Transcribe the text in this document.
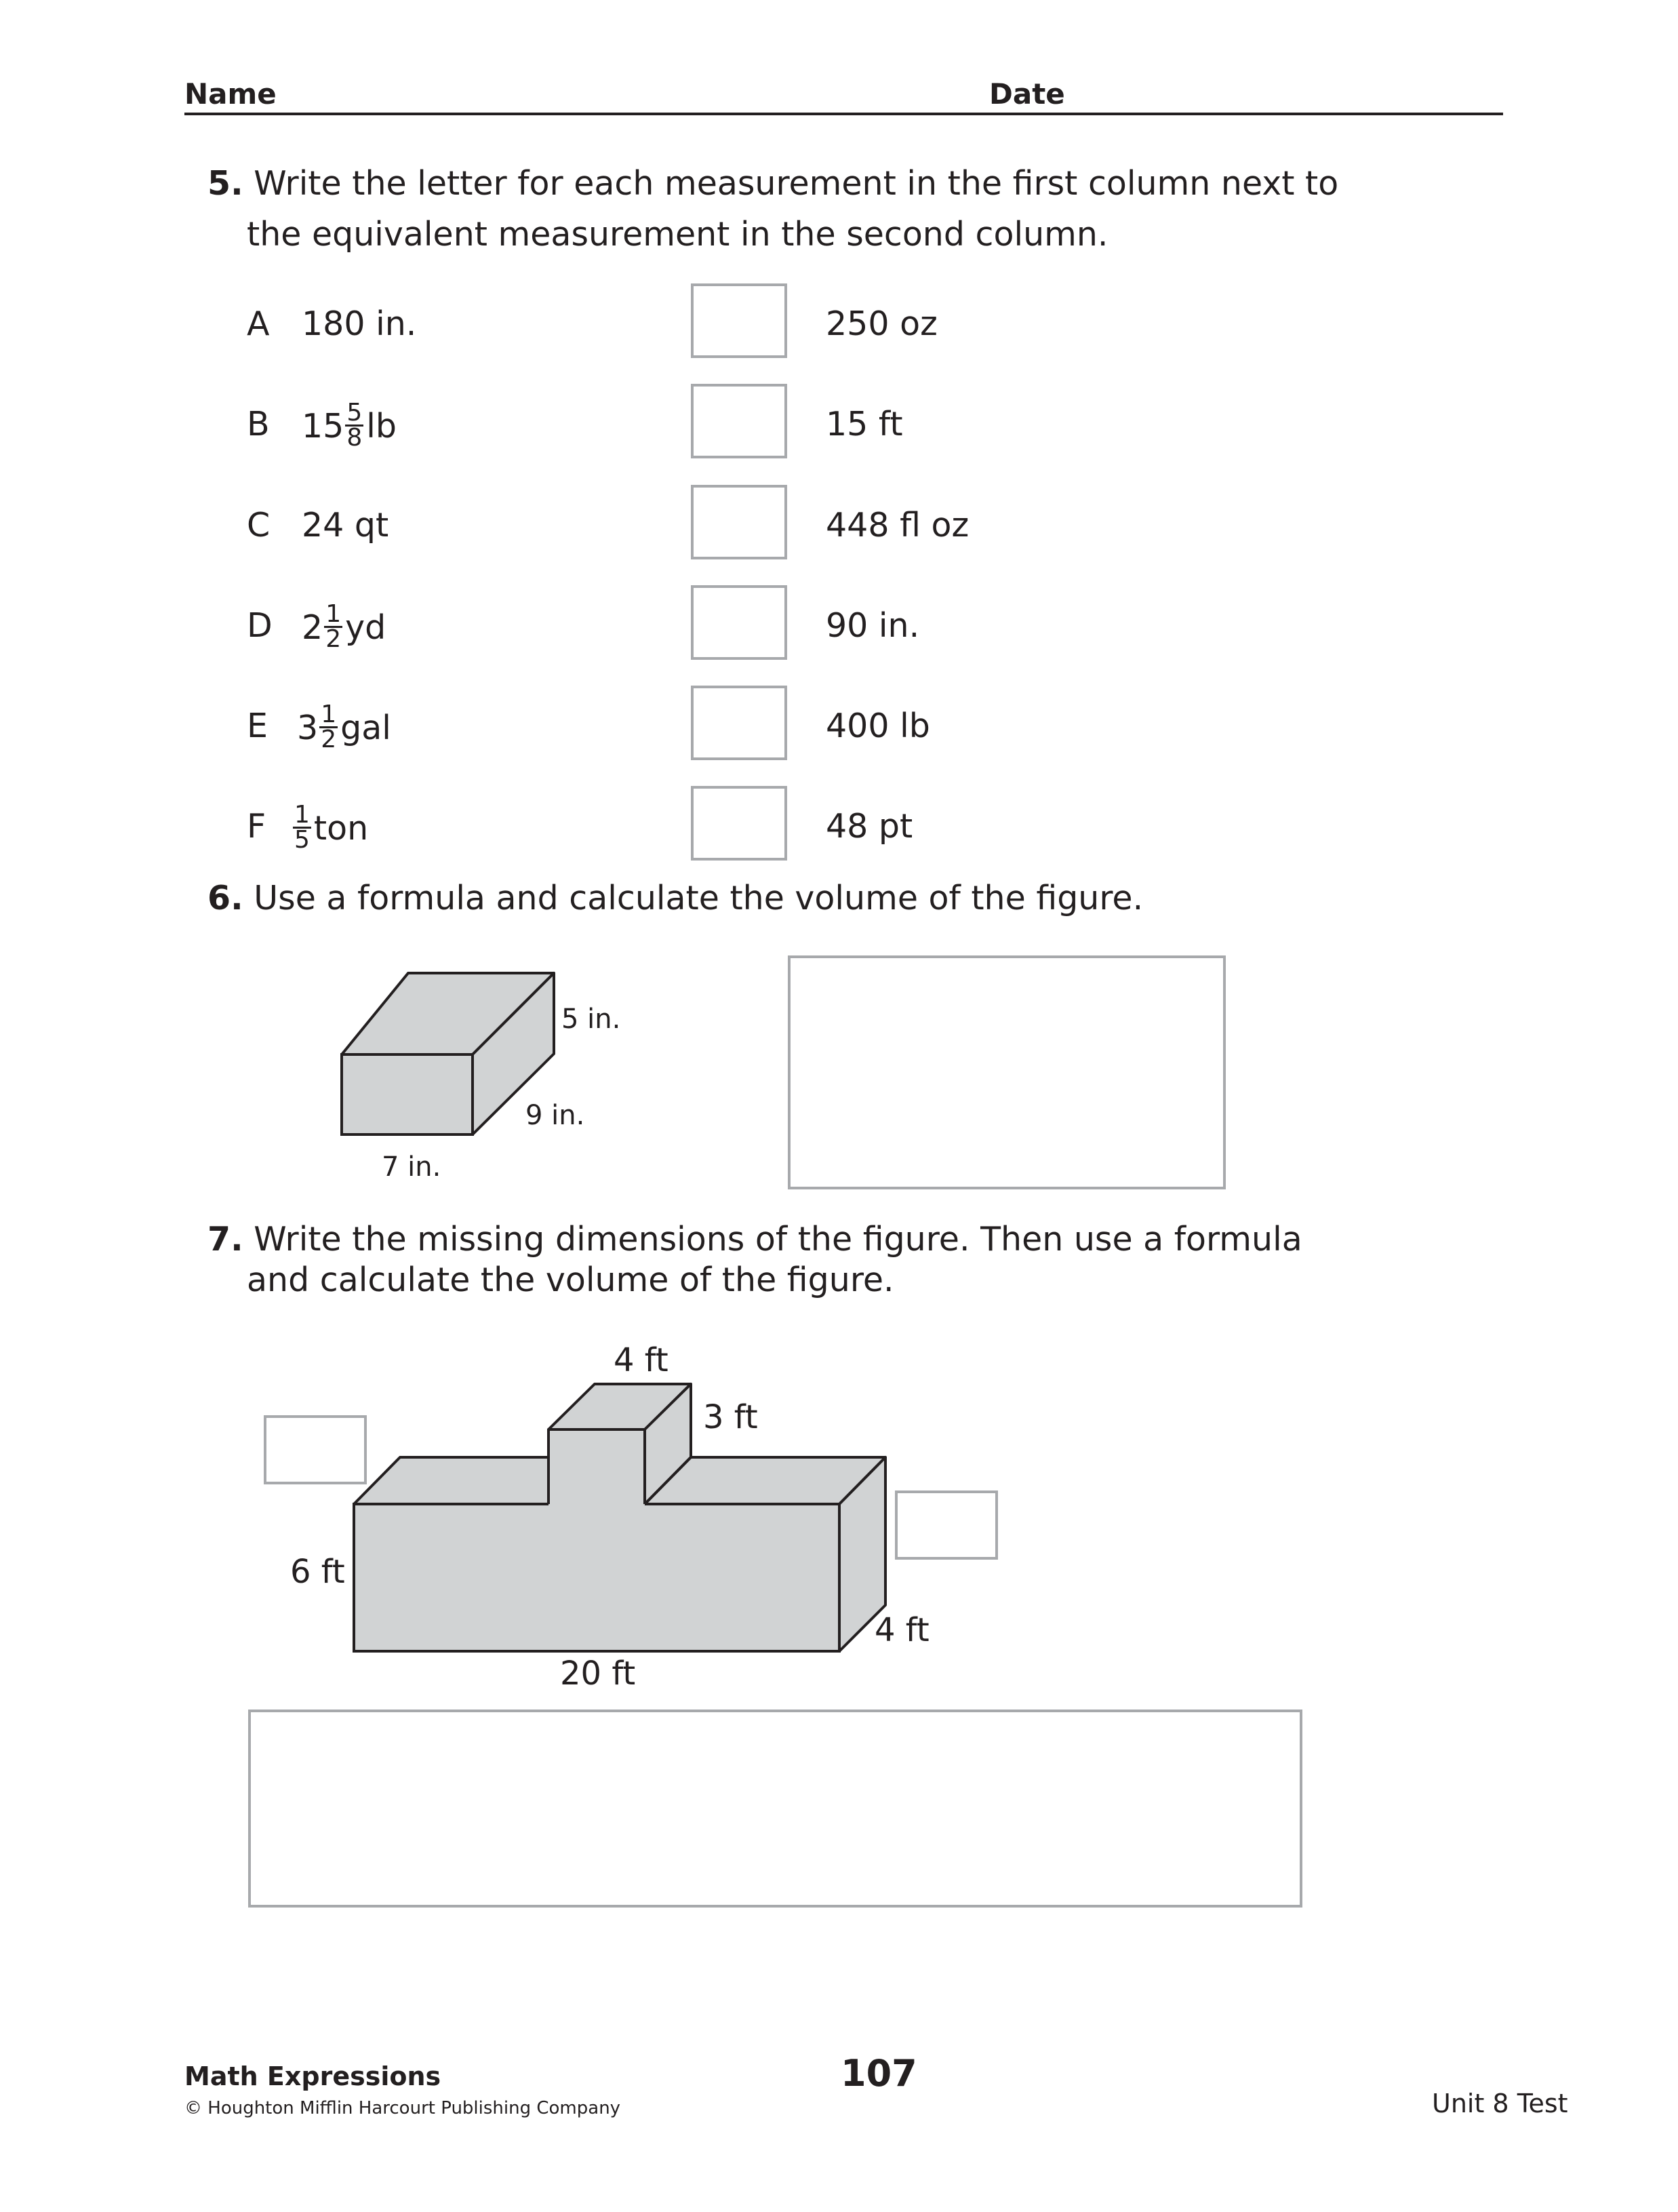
Name	Date
5. Write the letter for each measurement in the first column next to
the equivalent measurement in the second column.
A 180 in.	250 oz
B $15 \frac{5}{8}$ lb	15 ft
C 24 qt	448 fl oz
D $2 \frac{1}{2}$ yd	90 in.
E $3 \frac{1}{2}$ gal	400 lb
F $\frac{1}{5}$ ton	48 pt
6. Use a formula and calculate the volume of the figure.
5 in.
9 in.
7 in.
7. Write the missing dimensions of the figure. Then use a formula
and calculate the volume of the figure.
4 ft
3 ft
6 ft
20 ft
4 ft
Math Expressions
© Houghton Mifflin Harcourt Publishing Company
107
Unit 8 Test
